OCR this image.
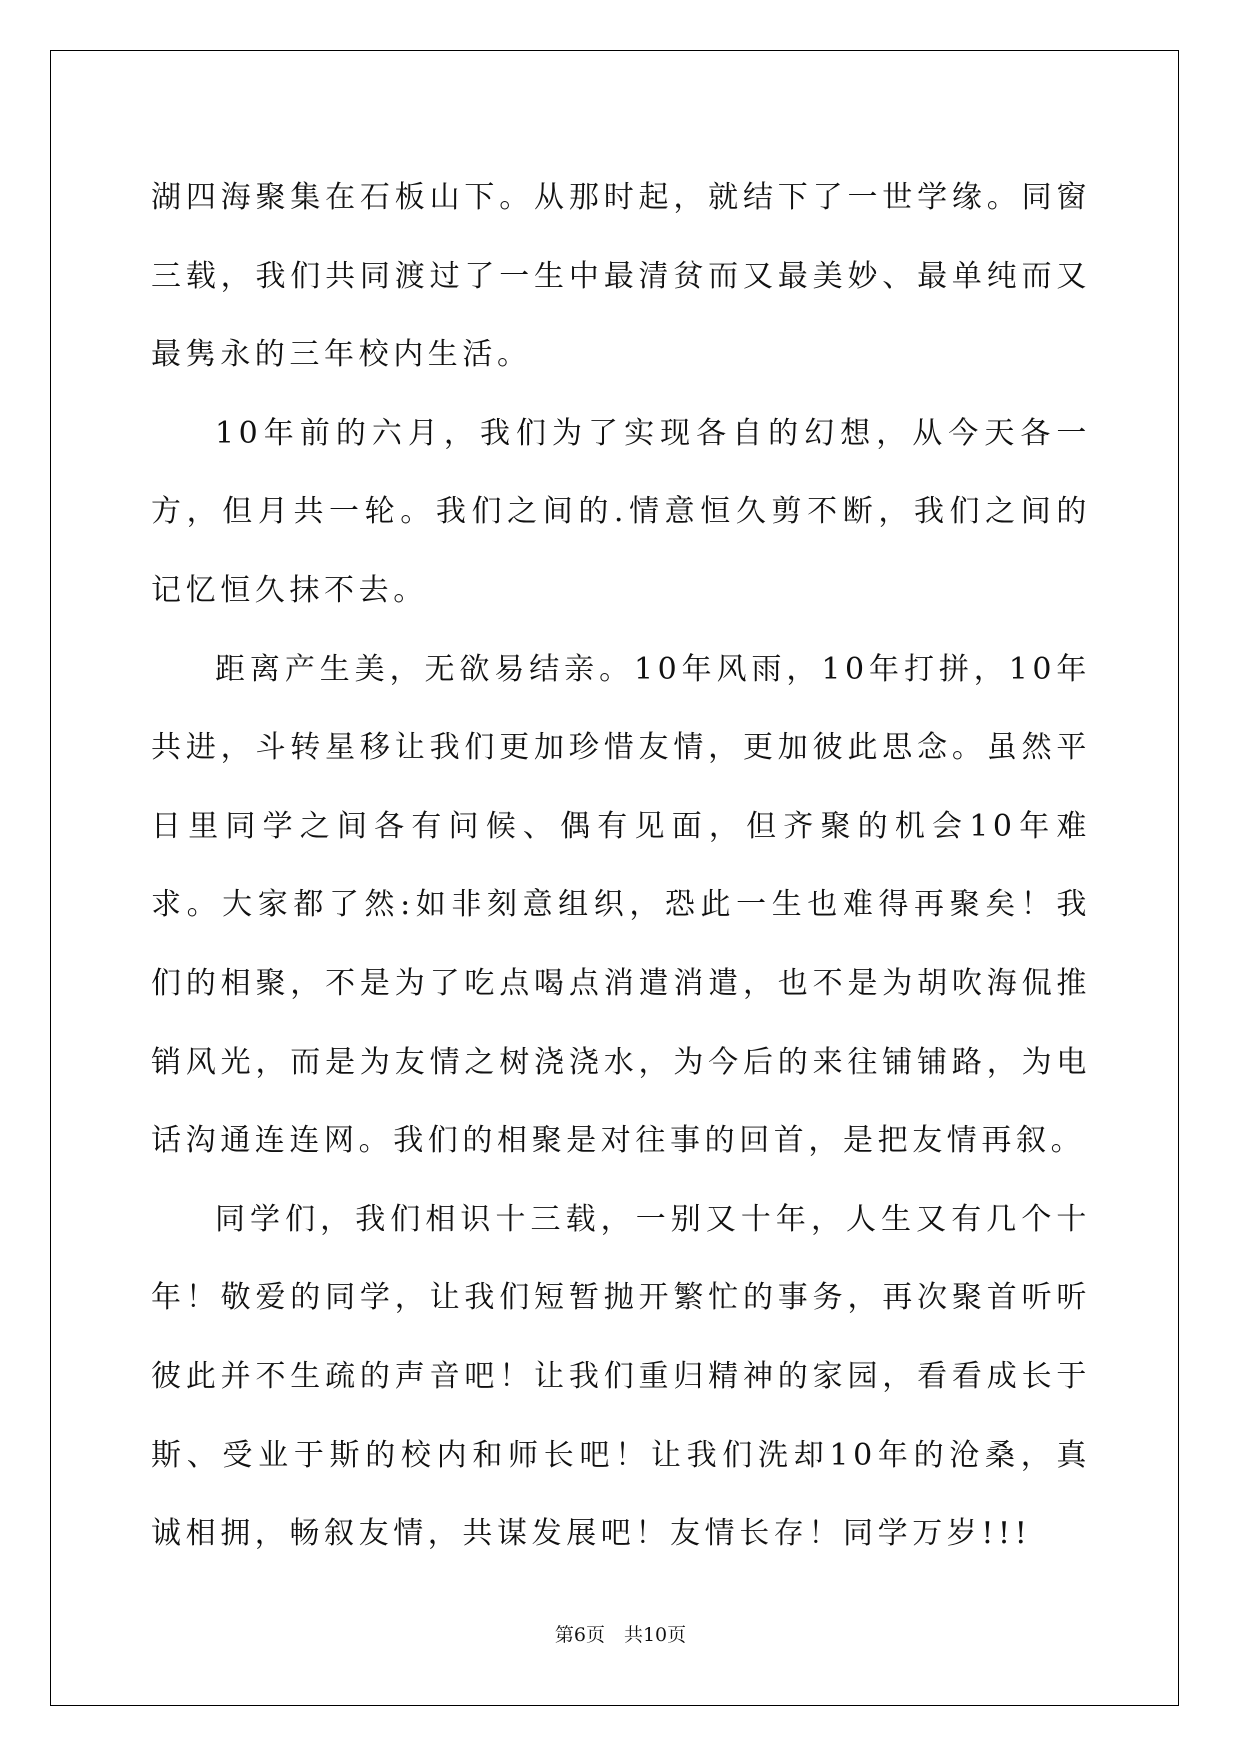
湖四海聚集在石板山下。从那时起，就结下了一世学缘。同窗三载，我们共同渡过了一生中最清贫而又最美妙、最单纯而又最隽永的三年校内生活。

10年前的六月，我们为了实现各自的幻想，从今天各一方，但月共一轮。我们之间的.情意恒久剪不断，我们之间的记忆恒久抹不去。

距离产生美，无欲易结亲。10年风雨，10年打拼，10年共进，斗转星移让我们更加珍惜友情，更加彼此思念。虽然平日里同学之间各有问候、偶有见面，但齐聚的机会10年难求。大家都了然:如非刻意组织，恐此一生也难得再聚矣！我们的相聚，不是为了吃点喝点消遣消遣，也不是为胡吹海侃推销风光，而是为友情之树浇浇水，为今后的来往铺铺路，为电话沟通连连网。我们的相聚是对往事的回首，是把友情再叙。

同学们，我们相识十三载，一别又十年，人生又有几个十年！敬爱的同学，让我们短暂抛开繁忙的事务，再次聚首听听彼此并不生疏的声音吧！让我们重归精神的家园，看看成长于斯、受业于斯的校内和师长吧！让我们洗却10年的沧桑，真诚相拥，畅叙友情，共谋发展吧！友情长存！同学万岁!!!

第6页　共10页
